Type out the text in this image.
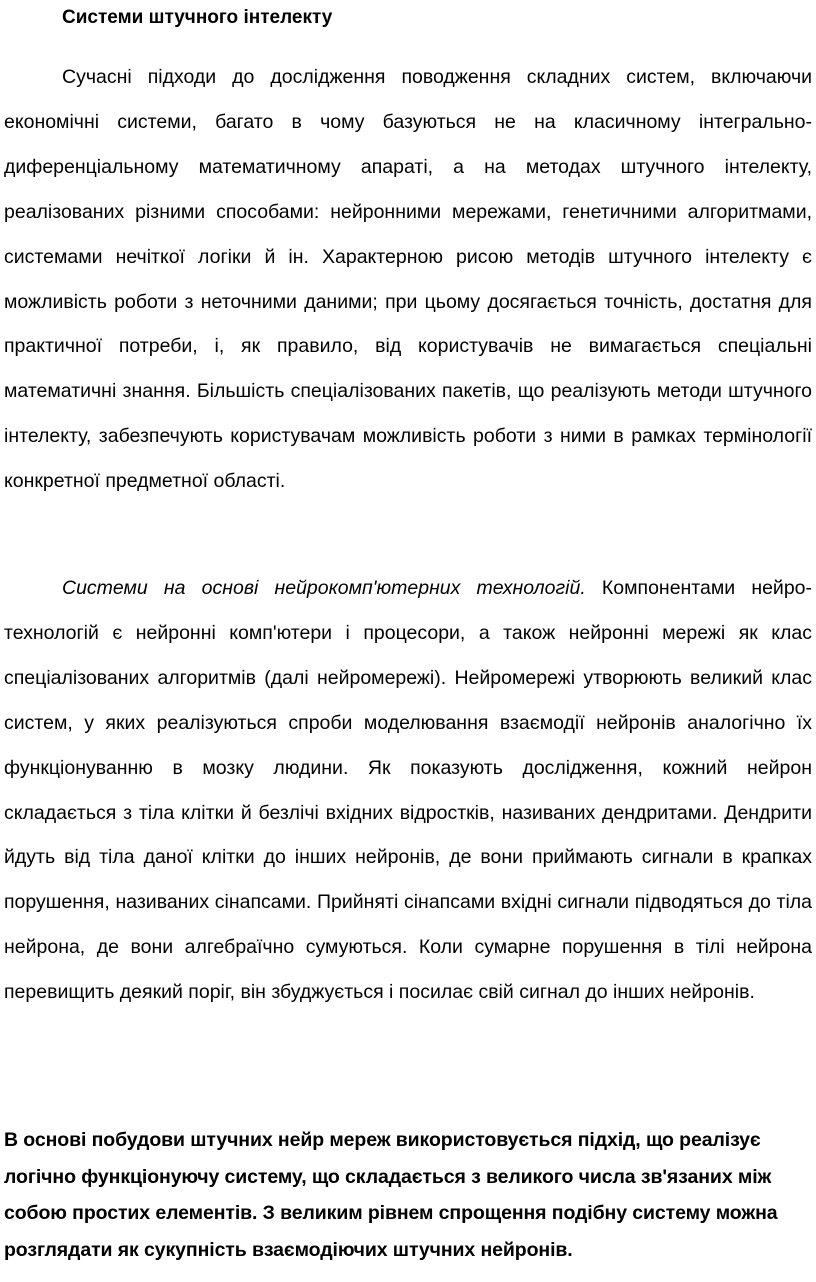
Системи штучного інтелекту

Сучасні підходи до дослідження поводження складних систем, включаючи економічні системи, багато в чому базуються не на класичному інтегрально-диференціальному математичному апараті, а на методах штучного інтелекту, реалізованих різними способами: нейронними мережами, генетичними алгоритмами, системами нечіткої логіки й ін. Характерною рисою методів штучного інтелекту є можливість роботи з неточними даними; при цьому досягається точність, достатня для практичної потреби, і, як правило, від користувачів не вимагається спеціальні математичні знання. Більшість спеціалізованих пакетів, що реалізують методи штучного інтелекту, забезпечують користувачам можливість роботи з ними в рамках термінології конкретної предметної області.

Системи на основі нейрокомп'ютерних технологій. Компонентами нейро-технологій є нейронні комп'ютери і процесори, а також нейронні мережі як клас спеціалізованих алгоритмів (далі нейромережі). Нейромережі утворюють великий клас систем, у яких реалізуються спроби моделювання взаємодії нейронів аналогічно їх функціонуванню в мозку людини. Як показують дослідження, кожний нейрон складається з тіла клітки й безлічі вхідних відростків, називаних дендритами. Дендрити йдуть від тіла даної клітки до інших нейронів, де вони приймають сигнали в крапках порушення, називаних сінапсами. Прийняті сінапсами вхідні сигнали підводяться до тіла нейрона, де вони алгебраїчно сумуються. Коли сумарне порушення в тілі нейрона перевищить деякий поріг, він збуджується і посилає свій сигнал до інших нейронів.

В основі побудови штучних нейр мереж використовується підхід, що реалізує логічно функціонуючу систему, що складається з великого числа зв'язаних між собою простих елементів. З великим рівнем спрощення подібну систему можна розглядати як сукупність взаємодіючих штучних нейронів.
